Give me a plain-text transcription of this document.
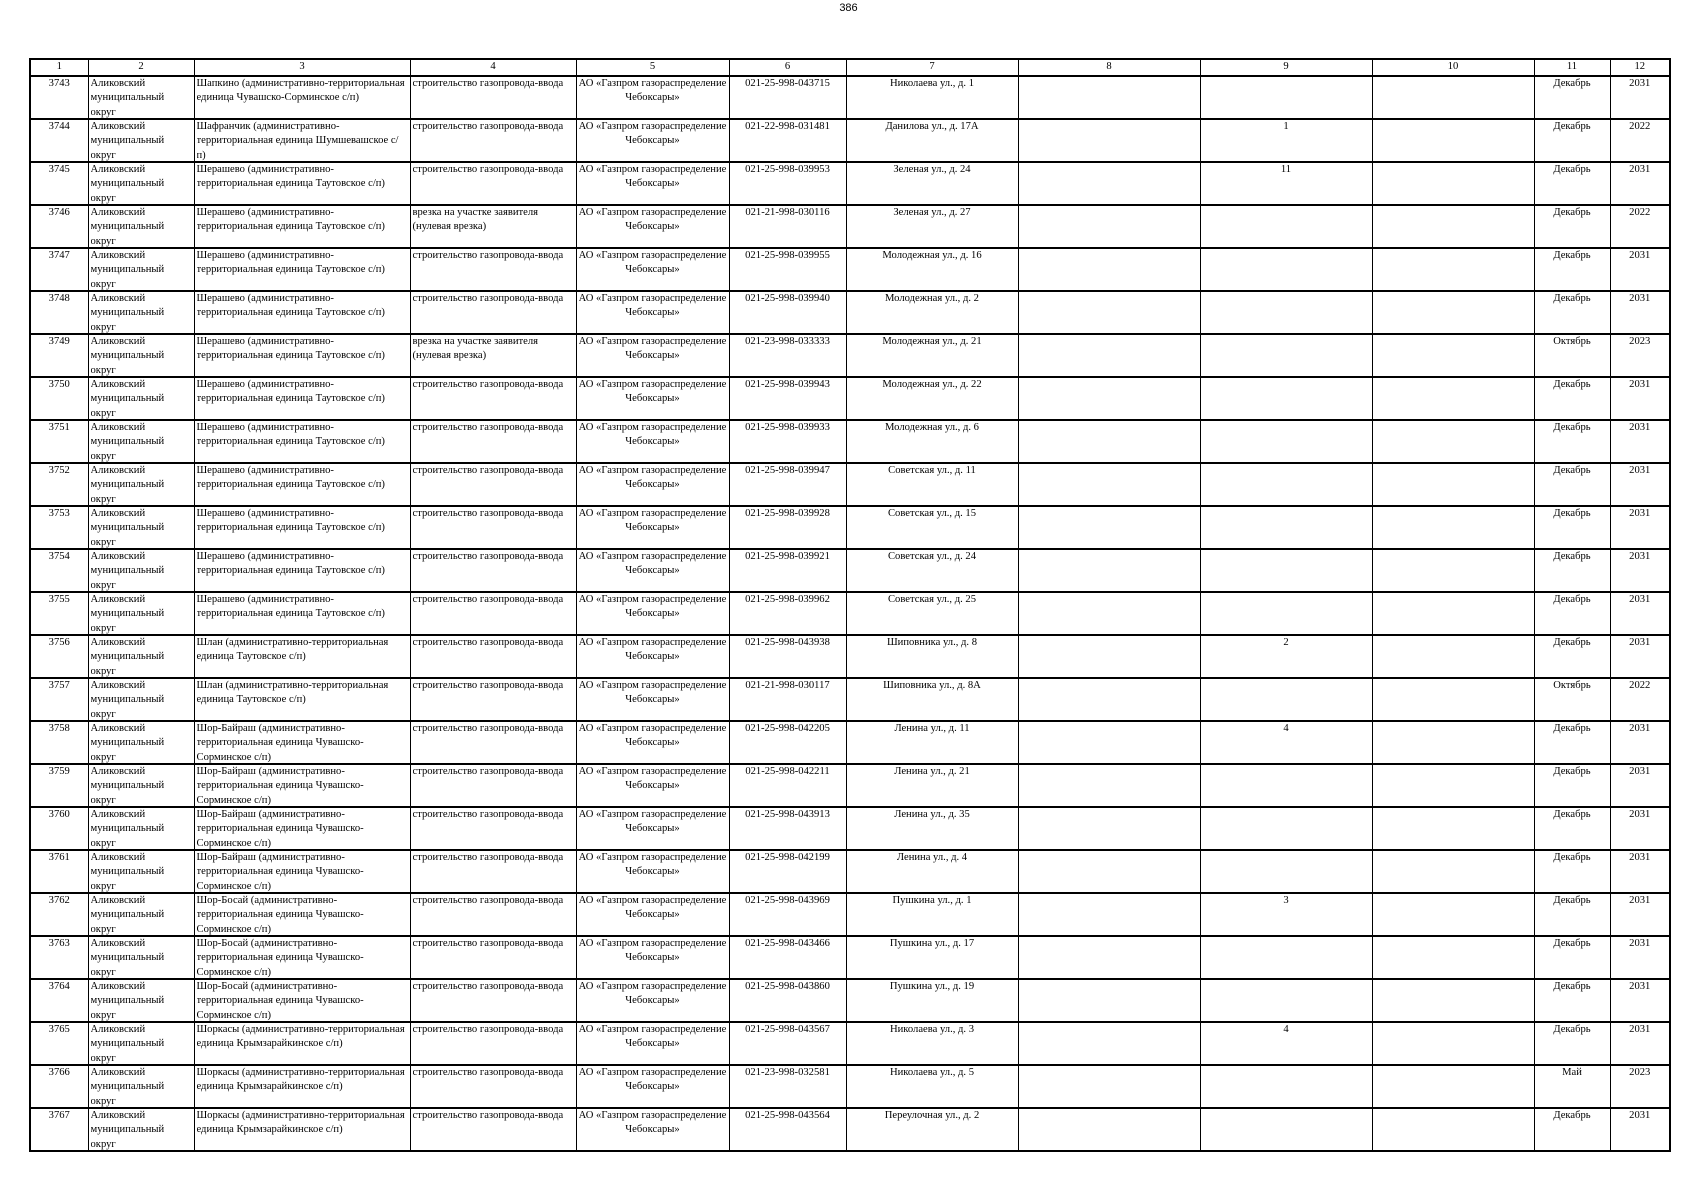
386
1	2	3	4	5	6	7	8	9	10	11	12

3743	Аликовский муниципальный округ	Шапкино (административно-территориальная единица Чувашско-Сорминское с/п)	строительство газопровода-ввода	АО «Газпром газораспределение Чебоксары»	021-25-998-043715	Николаева ул., д. 1				Декабрь	2031

3744	Аликовский муниципальный округ	Шафранчик (административно-территориальная единица Шумшевашское с/п)	строительство газопровода-ввода	АО «Газпром газораспределение Чебоксары»	021-22-998-031481	Данилова ул., д. 17А		1		Декабрь	2022

3745	Аликовский муниципальный округ	Шерашево (административно-территориальная единица Таутовское с/п)	строительство газопровода-ввода	АО «Газпром газораспределение Чебоксары»	021-25-998-039953	Зеленая ул., д. 24		11		Декабрь	2031

3746	Аликовский муниципальный округ	Шерашево (административно-территориальная единица Таутовское с/п)	врезка на участке заявителя (нулевая врезка)	АО «Газпром газораспределение Чебоксары»	021-21-998-030116	Зеленая ул., д. 27				Декабрь	2022

3747	Аликовский муниципальный округ	Шерашево (административно-территориальная единица Таутовское с/п)	строительство газопровода-ввода	АО «Газпром газораспределение Чебоксары»	021-25-998-039955	Молодежная ул., д. 16				Декабрь	2031

3748	Аликовский муниципальный округ	Шерашево (административно-территориальная единица Таутовское с/п)	строительство газопровода-ввода	АО «Газпром газораспределение Чебоксары»	021-25-998-039940	Молодежная ул., д. 2				Декабрь	2031

3749	Аликовский муниципальный округ	Шерашево (административно-территориальная единица Таутовское с/п)	врезка на участке заявителя (нулевая врезка)	АО «Газпром газораспределение Чебоксары»	021-23-998-033333	Молодежная ул., д. 21				Октябрь	2023

3750	Аликовский муниципальный округ	Шерашево (административно-территориальная единица Таутовское с/п)	строительство газопровода-ввода	АО «Газпром газораспределение Чебоксары»	021-25-998-039943	Молодежная ул., д. 22				Декабрь	2031

3751	Аликовский муниципальный округ	Шерашево (административно-территориальная единица Таутовское с/п)	строительство газопровода-ввода	АО «Газпром газораспределение Чебоксары»	021-25-998-039933	Молодежная ул., д. 6				Декабрь	2031

3752	Аликовский муниципальный округ	Шерашево (административно-территориальная единица Таутовское с/п)	строительство газопровода-ввода	АО «Газпром газораспределение Чебоксары»	021-25-998-039947	Советская ул., д. 11				Декабрь	2031

3753	Аликовский муниципальный округ	Шерашево (административно-территориальная единица Таутовское с/п)	строительство газопровода-ввода	АО «Газпром газораспределение Чебоксары»	021-25-998-039928	Советская ул., д. 15				Декабрь	2031

3754	Аликовский муниципальный округ	Шерашево (административно-территориальная единица Таутовское с/п)	строительство газопровода-ввода	АО «Газпром газораспределение Чебоксары»	021-25-998-039921	Советская ул., д. 24				Декабрь	2031

3755	Аликовский муниципальный округ	Шерашево (административно-территориальная единица Таутовское с/п)	строительство газопровода-ввода	АО «Газпром газораспределение Чебоксары»	021-25-998-039962	Советская ул., д. 25				Декабрь	2031

3756	Аликовский муниципальный округ	Шлан (административно-территориальная единица Таутовское с/п)	строительство газопровода-ввода	АО «Газпром газораспределение Чебоксары»	021-25-998-043938	Шиповника ул., д. 8		2		Декабрь	2031

3757	Аликовский муниципальный округ	Шлан (административно-территориальная единица Таутовское с/п)	строительство газопровода-ввода	АО «Газпром газораспределение Чебоксары»	021-21-998-030117	Шиповника ул., д. 8А				Октябрь	2022

3758	Аликовский муниципальный округ	Шор-Байраш (административно-территориальная единица Чувашско-Сорминское с/п)	строительство газопровода-ввода	АО «Газпром газораспределение Чебоксары»	021-25-998-042205	Ленина ул., д. 11		4		Декабрь	2031

3759	Аликовский муниципальный округ	Шор-Байраш (административно-территориальная единица Чувашско-Сорминское с/п)	строительство газопровода-ввода	АО «Газпром газораспределение Чебоксары»	021-25-998-042211	Ленина ул., д. 21				Декабрь	2031

3760	Аликовский муниципальный округ	Шор-Байраш (административно-территориальная единица Чувашско-Сорминское с/п)	строительство газопровода-ввода	АО «Газпром газораспределение Чебоксары»	021-25-998-043913	Ленина ул., д. 35				Декабрь	2031

3761	Аликовский муниципальный округ	Шор-Байраш (административно-территориальная единица Чувашско-Сорминское с/п)	строительство газопровода-ввода	АО «Газпром газораспределение Чебоксары»	021-25-998-042199	Ленина ул., д. 4				Декабрь	2031

3762	Аликовский муниципальный округ	Шор-Босай (административно-территориальная единица Чувашско-Сорминское с/п)	строительство газопровода-ввода	АО «Газпром газораспределение Чебоксары»	021-25-998-043969	Пушкина ул., д. 1		3		Декабрь	2031

3763	Аликовский муниципальный округ	Шор-Босай (административно-территориальная единица Чувашско-Сорминское с/п)	строительство газопровода-ввода	АО «Газпром газораспределение Чебоксары»	021-25-998-043466	Пушкина ул., д. 17				Декабрь	2031

3764	Аликовский муниципальный округ	Шор-Босай (административно-территориальная единица Чувашско-Сорминское с/п)	строительство газопровода-ввода	АО «Газпром газораспределение Чебоксары»	021-25-998-043860	Пушкина ул., д. 19				Декабрь	2031

3765	Аликовский муниципальный округ	Шоркасы (административно-территориальная единица Крымзарайкинское с/п)	строительство газопровода-ввода	АО «Газпром газораспределение Чебоксары»	021-25-998-043567	Николаева ул., д. 3		4		Декабрь	2031

3766	Аликовский муниципальный округ	Шоркасы (административно-территориальная единица Крымзарайкинское с/п)	строительство газопровода-ввода	АО «Газпром газораспределение Чебоксары»	021-23-998-032581	Николаева ул., д. 5				Май	2023

3767	Аликовский муниципальный округ	Шоркасы (административно-территориальная единица Крымзарайкинское с/п)	строительство газопровода-ввода	АО «Газпром газораспределение Чебоксары»	021-25-998-043564	Переулочная ул., д. 2				Декабрь	2031
